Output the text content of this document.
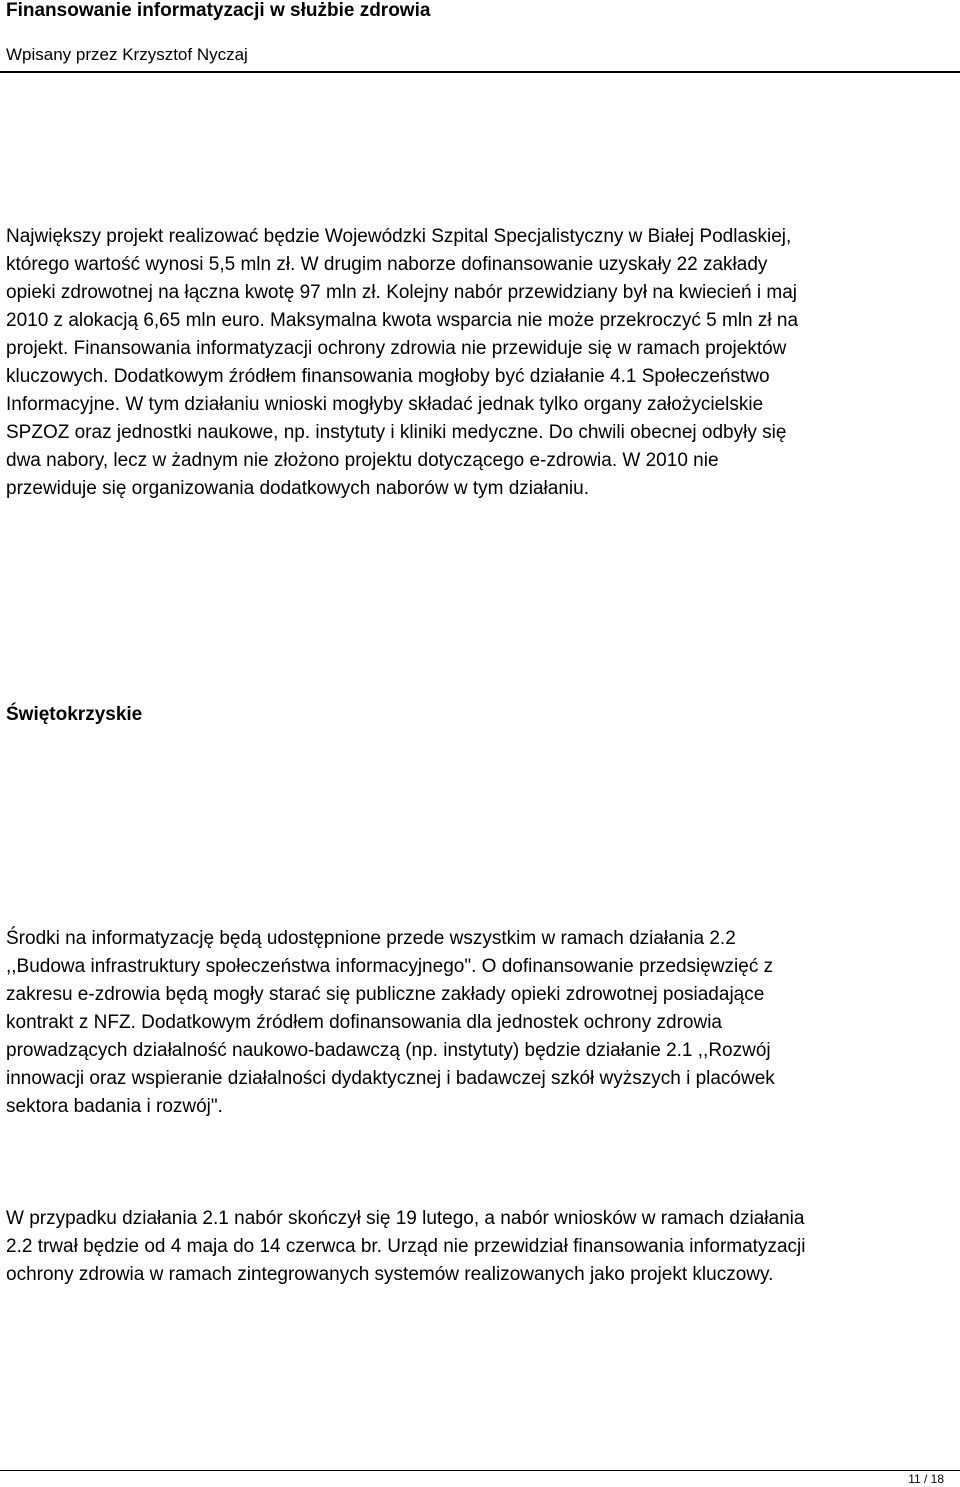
Finansowanie informatyzacji w służbie zdrowia
Wpisany przez Krzysztof Nyczaj

Największy projekt realizować będzie Wojewódzki Szpital Specjalistyczny w Białej Podlaskiej,
którego wartość wynosi 5,5 mln zł. W drugim naborze dofinansowanie uzyskały 22 zakłady
opieki zdrowotnej na łączna kwotę 97 mln zł. Kolejny nabór przewidziany był na kwiecień i maj
2010 z alokacją 6,65 mln euro. Maksymalna kwota wsparcia nie może przekroczyć 5 mln zł na
projekt. Finansowania informatyzacji ochrony zdrowia nie przewiduje się w ramach projektów
kluczowych. Dodatkowym źródłem finansowania mogłoby być działanie 4.1 Społeczeństwo
Informacyjne. W tym działaniu wnioski mogłyby składać jednak tylko organy założycielskie
SPZOZ oraz jednostki naukowe, np. instytuty i kliniki medyczne. Do chwili obecnej odbyły się
dwa nabory, lecz w żadnym nie złożono projektu dotyczącego e-zdrowia. W 2010 nie
przewiduje się organizowania dodatkowych naborów w tym działaniu.

Świętokrzyskie

Środki na informatyzację będą udostępnione przede wszystkim w ramach działania 2.2
,,Budowa infrastruktury społeczeństwa informacyjnego". O dofinansowanie przedsięwzięć z
zakresu e-zdrowia będą mogły starać się publiczne zakłady opieki zdrowotnej posiadające
kontrakt z NFZ. Dodatkowym źródłem dofinansowania dla jednostek ochrony zdrowia
prowadzących działalność naukowo-badawczą (np. instytuty) będzie działanie 2.1 ,,Rozwój
innowacji oraz wspieranie działalności dydaktycznej i badawczej szkół wyższych i placówek
sektora badania i rozwój".

W przypadku działania 2.1 nabór skończył się 19 lutego, a nabór wniosków w ramach działania
2.2 trwał będzie od 4 maja do 14 czerwca br. Urząd nie przewidział finansowania informatyzacji
ochrony zdrowia w ramach zintegrowanych systemów realizowanych jako projekt kluczowy.

11 / 18
